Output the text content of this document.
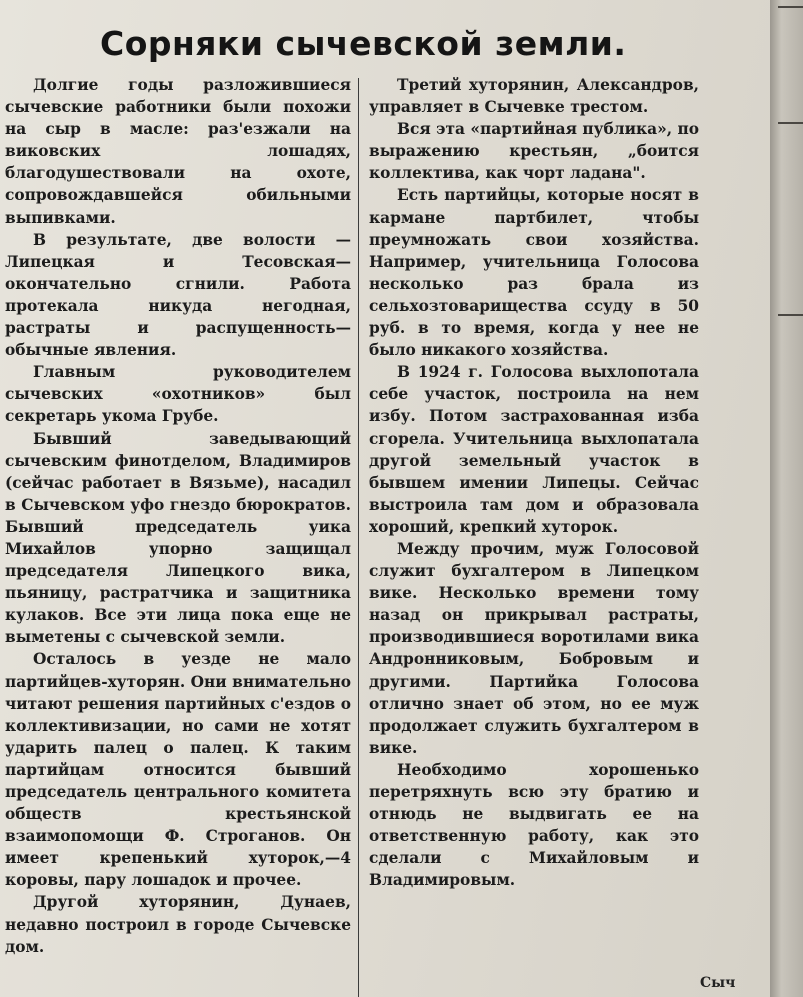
Сорняки сычевской земли.

Долгие годы разложившиеся сычевские работники были похожи на сыр в масле: раз'езжали на виковских лошадях, благодушествовали на охоте, сопровождавшейся обильными выпивками.

В результате, две волости — Липецкая и Тесовская—окончательно сгнили. Работа протекала никуда негодная, растраты и распущенность— обычные явления.

Главным руководителем сычевских «охотников» был секретарь укома Грубе.

Бывший заведывающий сычевским финотделом, Владимиров (сейчас работает в Вязьме), насадил в Сычевском уфо гнездо бюрократов. Бывший председатель уика Михайлов упорно защищал председателя Липецкого вика, пьяницу, растратчика и защитника кулаков. Все эти лица пока еще не выметены с сычевской земли.

Осталось в уезде не мало партийцев-хуторян. Они внимательно читают решения партийных с'ездов о коллективизации, но сами не хотят ударить палец о палец. К таким партийцам относится бывший председатель центрального комитета обществ крестьянской взаимопомощи Ф. Строганов. Он имеет крепенький хуторок,—4 коровы, пару лошадок и прочее.

Другой хуторянин, Дунаев, недавно построил в городе Сычевске дом.

Третий хуторянин, Александров, управляет в Сычевке трестом.

Вся эта «партийная публика», по выражению крестьян, „боится коллектива, как чорт ладана".

Есть партийцы, которые носят в кармане партбилет, чтобы преумножать свои хозяйства. Например, учительница Голосова несколько раз брала из сельхозтоварищества ссуду в 50 руб. в то время, когда у нее не было никакого хозяйства.

В 1924 г. Голосова выхлопотала себе участок, построила на нем избу. Потом застрахованная изба сгорела. Учительница выхлопатала другой земельный участок в бывшем имении Липецы. Сейчас выстроила там дом и образовала хороший, крепкий хуторок.

Между прочим, муж Голосовой служит бухгалтером в Липецком вике. Несколько времени тому назад он прикрывал растраты, производившиеся воротилами вика Андронниковым, Бобровым и другими. Партийка Голосова отлично знает об этом, но ее муж продолжает служить бухгалтером в вике.

Необходимо хорошенько перетряхнуть всю эту братию и отнюдь не выдвигать ее на ответственную работу, как это сделали с Михайловым и Владимировым.

Сыч
